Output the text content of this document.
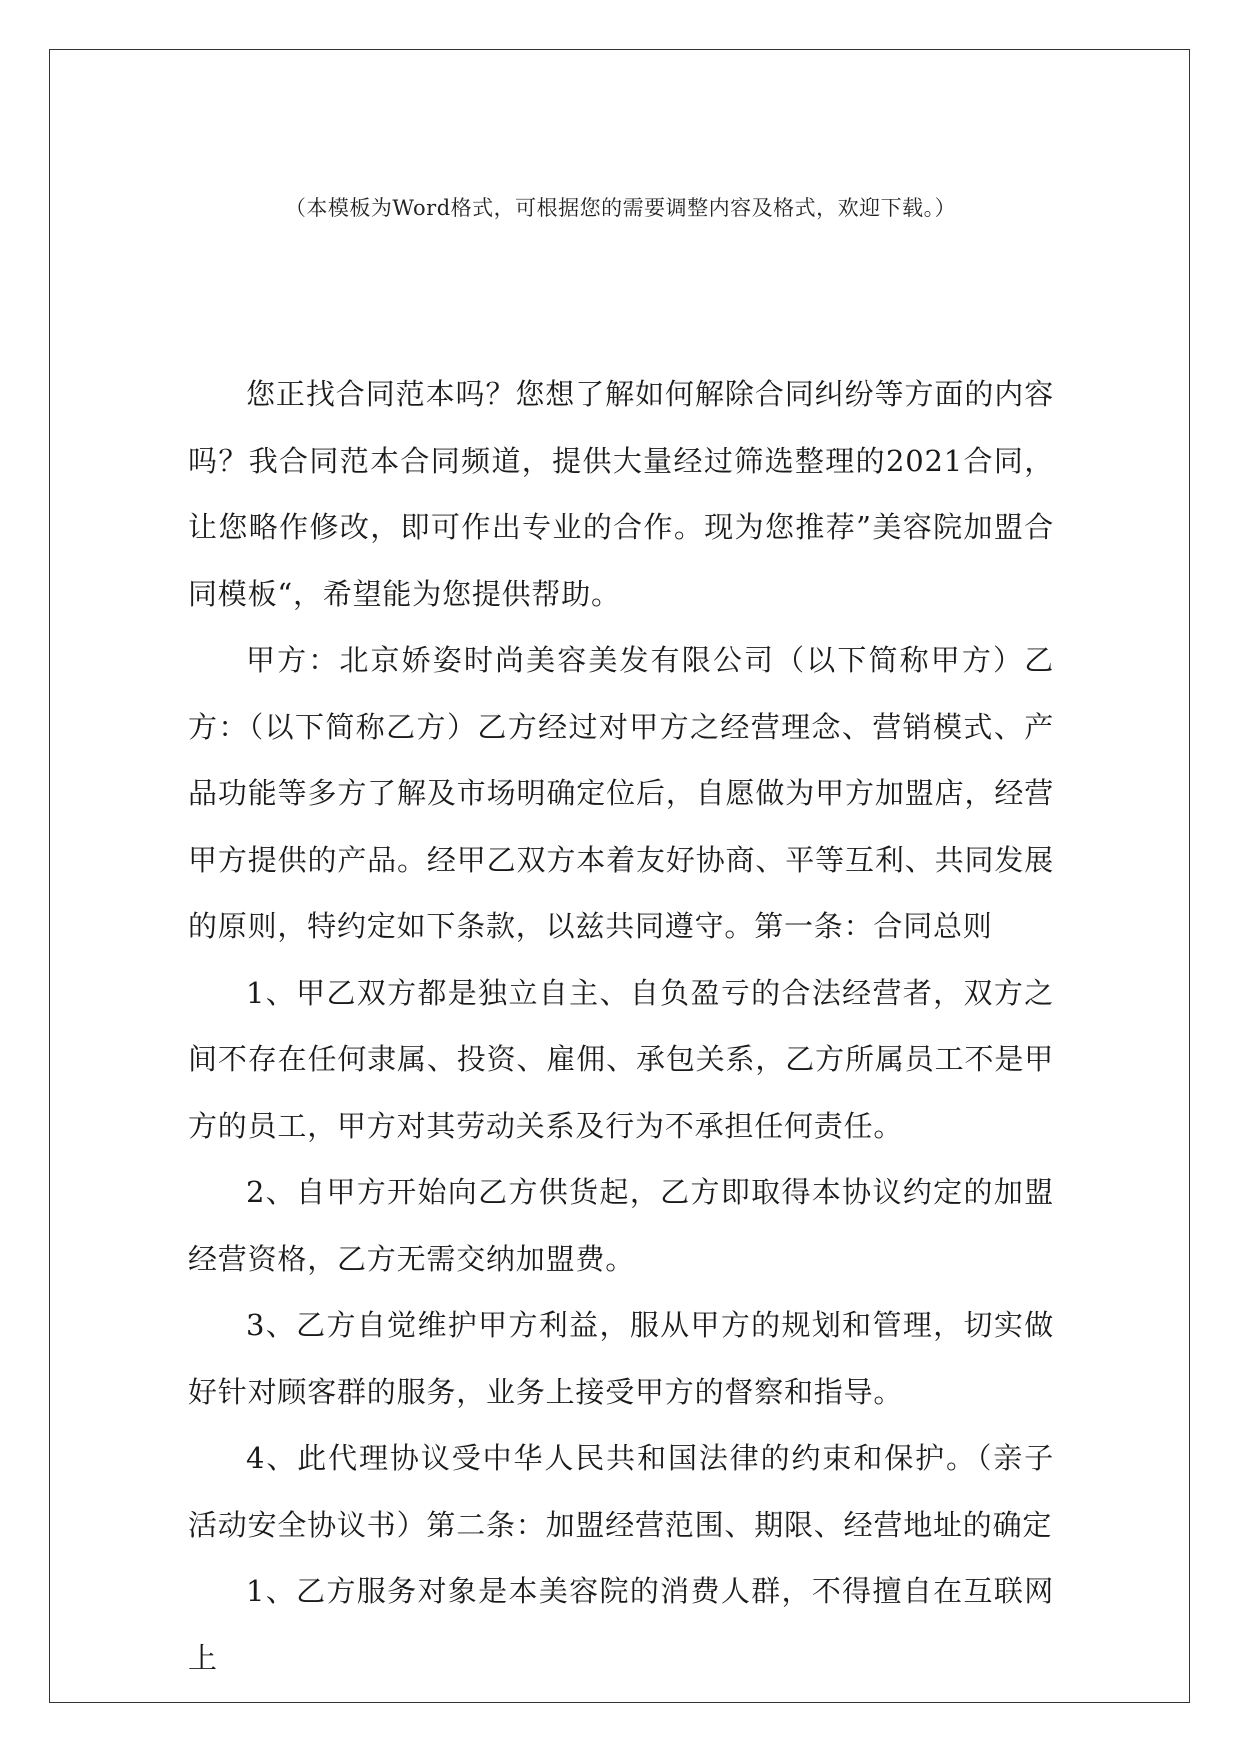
（本模板为Word格式，可根据您的需要调整内容及格式，欢迎下载。）

您正找合同范本吗？您想了解如何解除合同纠纷等方面的内容吗？我合同范本合同频道，提供大量经过筛选整理的2021合同，让您略作修改，即可作出专业的合作。现为您推荐”美容院加盟合同模板“，希望能为您提供帮助。

甲方：北京娇姿时尚美容美发有限公司（以下简称甲方）乙方：（以下简称乙方）乙方经过对甲方之经营理念、营销模式、产品功能等多方了解及市场明确定位后，自愿做为甲方加盟店，经营甲方提供的产品。经甲乙双方本着友好协商、平等互利、共同发展的原则，特约定如下条款，以兹共同遵守。第一条：合同总则

1、甲乙双方都是独立自主、自负盈亏的合法经营者，双方之间不存在任何隶属、投资、雇佣、承包关系，乙方所属员工不是甲方的员工，甲方对其劳动关系及行为不承担任何责任。

2、自甲方开始向乙方供货起，乙方即取得本协议约定的加盟经营资格，乙方无需交纳加盟费。

3、乙方自觉维护甲方利益，服从甲方的规划和管理，切实做好针对顾客群的服务，业务上接受甲方的督察和指导。

4、此代理协议受中华人民共和国法律的约束和保护。（亲子活动安全协议书）第二条：加盟经营范围、期限、经营地址的确定

1、乙方服务对象是本美容院的消费人群，不得擅自在互联网上
